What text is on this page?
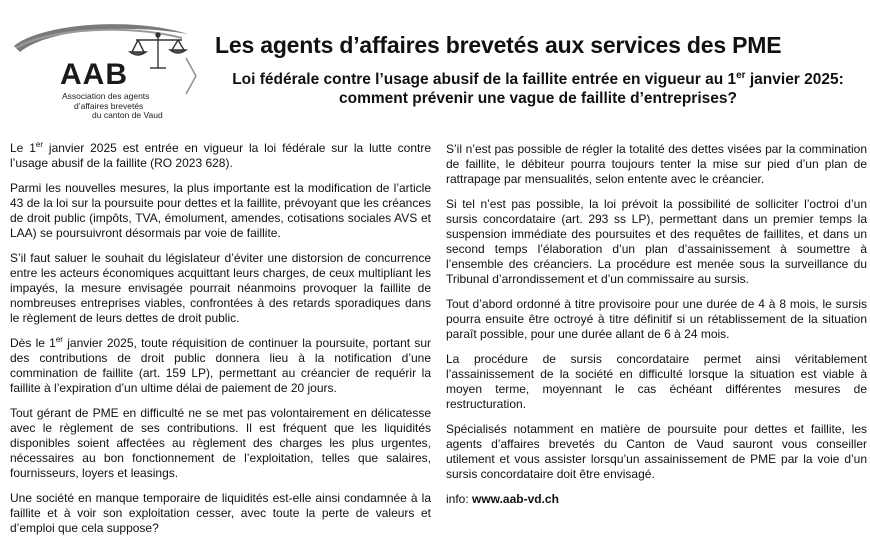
AAB
Association des agents
d’affaires brevetés
du canton de Vaud
Les agents d’affaires brevetés aux services des PME
Loi fédérale contre l’usage abusif de la faillite entrée en vigueur au 1er janvier 2025:
comment prévenir une vague de faillite d’entreprises?

Le 1er janvier 2025 est entrée en vigueur la loi fédérale sur la lutte contre l’usage abusif de la faillite (RO 2023 628).

Parmi les nouvelles mesures, la plus importante est la modification de l’article 43 de la loi sur la poursuite pour dettes et la faillite, prévoyant que les créances de droit public (impôts, TVA, émolument, amendes, cotisations sociales AVS et LAA) se poursuivront désormais par voie de faillite.

S’il faut saluer le souhait du législateur d’éviter une distorsion de concurrence entre les acteurs économiques acquittant leurs charges, de ceux multipliant les impayés, la mesure envisagée pourrait néanmoins provoquer la faillite de nombreuses entreprises viables, confrontées à des retards sporadiques dans le règlement de leurs dettes de droit public.

Dès le 1er janvier 2025, toute réquisition de continuer la poursuite, portant sur des contributions de droit public donnera lieu à la notification d’une commination de faillite (art. 159 LP), permettant au créancier de requérir la faillite à l’expiration d’un ultime délai de paiement de 20 jours.

Tout gérant de PME en difficulté ne se met pas volontairement en délicatesse avec le règlement de ses contributions. Il est fréquent que les liquidités disponibles soient affectées au règlement des charges les plus urgentes, nécessaires au bon fonctionnement de l’exploitation, telles que salaires, fournisseurs, loyers et leasings.

Une société en manque temporaire de liquidités est-elle ainsi condamnée à la faillite et à voir son exploitation cesser, avec toute la perte de valeurs et d’emploi que cela suppose?

S’il n’est pas possible de régler la totalité des dettes visées par la commination de faillite, le débiteur pourra toujours tenter la mise sur pied d’un plan de rattrapage par mensualités, selon entente avec le créancier.

Si tel n’est pas possible, la loi prévoit la possibilité de solliciter l’octroi d’un sursis concordataire (art. 293 ss LP), permettant dans un premier temps la suspension immédiate des poursuites et des requêtes de faillites, et dans un second temps l’élaboration d’un plan d’assainissement à soumettre à l’ensemble des créanciers. La procédure est menée sous la surveillance du Tribunal d’arrondissement et d’un commissaire au sursis.

Tout d’abord ordonné à titre provisoire pour une durée de 4 à 8 mois, le sursis pourra ensuite être octroyé à titre définitif si un rétablissement de la situation paraît possible, pour une durée allant de 6 à 24 mois.

La procédure de sursis concordataire permet ainsi véritablement l’assainissement de la société en difficulté lorsque la situation est viable à moyen terme, moyennant le cas échéant différentes mesures de restructuration.

Spécialisés notamment en matière de poursuite pour dettes et faillite, les agents d’affaires brevetés du Canton de Vaud sauront vous conseiller utilement et vous assister lorsqu’un assainissement de PME par la voie d’un sursis concordataire doit être envisagé.

info: www.aab-vd.ch
